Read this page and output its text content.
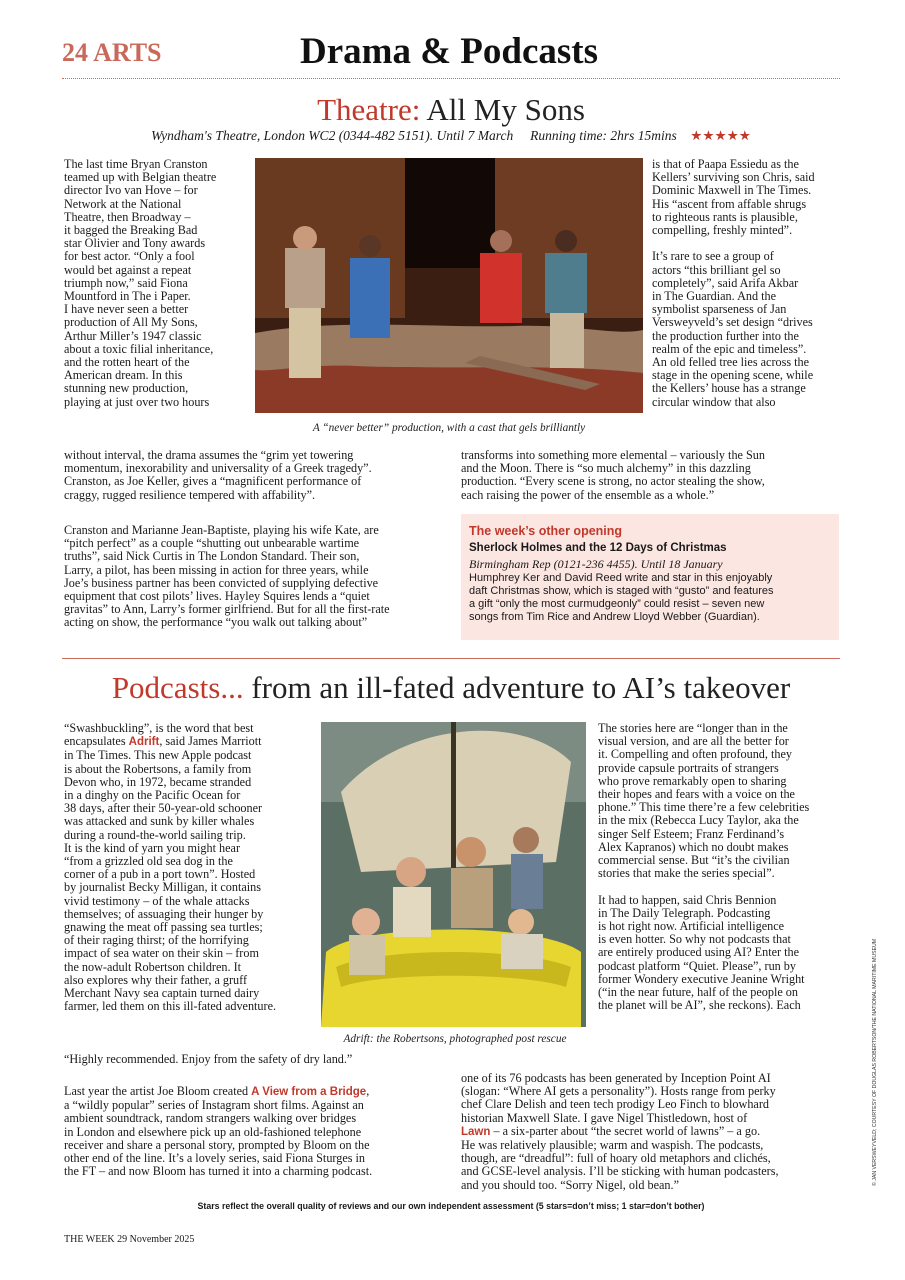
24 ARTS	Drama & Podcasts
Theatre: All My Sons
Wyndham's Theatre, London WC2 (0344-482 5151). Until 7 March Running time: 2hrs 15mins ★★★★★
A “never better” production, with a cast that gels brilliantly
The last time Bryan Cranston
teamed up with Belgian theatre
director Ivo van Hove – for
Network at the National
Theatre, then Broadway –
it bagged the Breaking Bad
star Olivier and Tony awards
for best actor. “Only a fool
would bet against a repeat
triumph now,” said Fiona
Mountford in The i Paper.
I have never seen a better
production of All My Sons,
Arthur Miller’s 1947 classic
about a toxic filial inheritance,
and the rotten heart of the
American dream. In this
stunning new production,
playing at just over two hours
without interval, the drama assumes the “grim yet towering
momentum, inexorability and universality of a Greek tragedy”.
Cranston, as Joe Keller, gives a “magnificent performance of
craggy, rugged resilience tempered with affability”.
Cranston and Marianne Jean-Baptiste, playing his wife Kate, are
“pitch perfect” as a couple “shutting out unbearable wartime
truths”, said Nick Curtis in The London Standard. Their son,
Larry, a pilot, has been missing in action for three years, while
Joe’s business partner has been convicted of supplying defective
equipment that cost pilots’ lives. Hayley Squires lends a “quiet
gravitas” to Ann, Larry’s former girlfriend. But for all the first-rate
acting on show, the performance “you walk out talking about”
is that of Paapa Essiedu as the
Kellers’ surviving son Chris, said
Dominic Maxwell in The Times.
His “ascent from affable shrugs
to righteous rants is plausible,
compelling, freshly minted”.

It’s rare to see a group of
actors “this brilliant gel so
completely”, said Arifa Akbar
in The Guardian. And the
symbolist sparseness of Jan
Versweyveld’s set design “drives
the production further into the
realm of the epic and timeless”.
An old felled tree lies across the
stage in the opening scene, while
the Kellers’ house has a strange
circular window that also
transforms into something more elemental – variously the Sun
and the Moon. There is “so much alchemy” in this dazzling
production. “Every scene is strong, no actor stealing the show,
each raising the power of the ensemble as a whole.”
The week’s other opening
Sherlock Holmes and the 12 Days of Christmas
Birmingham Rep (0121-236 4455). Until 18 January
Humphrey Ker and David Reed write and star in this enjoyably
daft Christmas show, which is staged with “gusto” and features
a gift “only the most curmudgeonly” could resist – seven new
songs from Tim Rice and Andrew Lloyd Webber (Guardian).
Podcasts... from an ill-fated adventure to AI’s takeover
Adrift: the Robertsons, photographed post rescue
“Swashbuckling”, is the word that best
encapsulates Adrift, said James Marriott
in The Times. This new Apple podcast
is about the Robertsons, a family from
Devon who, in 1972, became stranded
in a dinghy on the Pacific Ocean for
38 days, after their 50-year-old schooner
was attacked and sunk by killer whales
during a round-the-world sailing trip.
It is the kind of yarn you might hear
“from a grizzled old sea dog in the
corner of a pub in a port town”. Hosted
by journalist Becky Milligan, it contains
vivid testimony – of the whale attacks
themselves; of assuaging their hunger by
gnawing the meat off passing sea turtles;
of their raging thirst; of the horrifying
impact of sea water on their skin – from
the now-adult Robertson children. It
also explores why their father, a gruff
Merchant Navy sea captain turned dairy
farmer, led them on this ill-fated adventure.
“Highly recommended. Enjoy from the safety of dry land.”
Last year the artist Joe Bloom created A View from a Bridge,
a “wildly popular” series of Instagram short films. Against an
ambient soundtrack, random strangers walking over bridges
in London and elsewhere pick up an old-fashioned telephone
receiver and share a personal story, prompted by Bloom on the
other end of the line. It’s a lovely series, said Fiona Sturges in
the FT – and now Bloom has turned it into a charming podcast.
The stories here are “longer than in the
visual version, and are all the better for
it. Compelling and often profound, they
provide capsule portraits of strangers
who prove remarkably open to sharing
their hopes and fears with a voice on the
phone.” This time there’re a few celebrities
in the mix (Rebecca Lucy Taylor, aka the
singer Self Esteem; Franz Ferdinand’s
Alex Kapranos) which no doubt makes
commercial sense. But “it’s the civilian
stories that make the series special”.

It had to happen, said Chris Bennion
in The Daily Telegraph. Podcasting
is hot right now. Artificial intelligence
is even hotter. So why not podcasts that
are entirely produced using AI? Enter the
podcast platform “Quiet. Please”, run by
former Wondery executive Jeanine Wright
(“in the near future, half of the people on
the planet will be AI”, she reckons). Each
one of its 76 podcasts has been generated by Inception Point AI
(slogan: “Where AI gets a personality”). Hosts range from perky
chef Clare Delish and teen tech prodigy Leo Finch to blowhard
historian Maxwell Slate. I gave Nigel Thistledown, host of
Lawn – a six-parter about “the secret world of lawns” – a go.
He was relatively plausible; warm and waspish. The podcasts,
though, are “dreadful”: full of hoary old metaphors and clichés,
and GCSE-level analysis. I’ll be sticking with human podcasters,
and you should too. “Sorry Nigel, old bean.”
Stars reflect the overall quality of reviews and our own independent assessment (5 stars=don’t miss; 1 star=don’t bother)
THE WEEK 29 November 2025
© JAN VERSWEYVELD; COURTESY OF DOUGLAS ROBERTSON/THE NATIONAL MARITIME MUSEUM
